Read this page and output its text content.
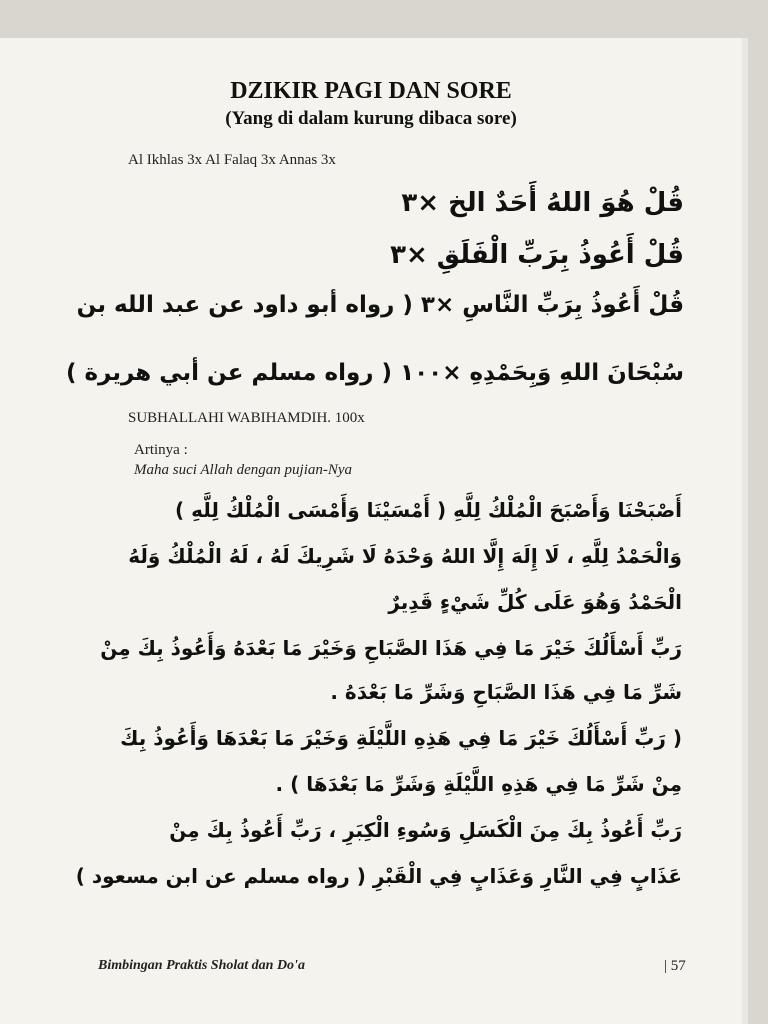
DZIKIR PAGI DAN SORE
(Yang di dalam kurung dibaca sore)
Al Ikhlas 3x Al Falaq 3x Annas 3x
قُلْ هُوَ اللهُ أَحَدٌ الخ ×٣
قُلْ أَعُوذُ بِرَبِّ الْفَلَقِ ×٣
قُلْ أَعُوذُ بِرَبِّ النَّاسِ ×٣ ( رواه أبو داود عن عبد الله بن
سُبْحَانَ اللهِ وَبِحَمْدِهِ ×١٠٠ ( رواه مسلم عن أبي هريرة )
SUBHALLAHI WABIHAMDIH. 100x
Artinya :
Maha suci Allah dengan pujian-Nya
أَصْبَحْنَا وَأَصْبَحَ الْمُلْكُ لِلَّهِ ( أَمْسَيْنَا وَأَمْسَى الْمُلْكُ لِلَّهِ )
وَالْحَمْدُ لِلَّهِ ، لَا إِلَهَ إِلَّا اللهُ وَحْدَهُ لَا شَرِيكَ لَهُ ، لَهُ الْمُلْكُ وَلَهُ
الْحَمْدُ وَهُوَ عَلَى كُلِّ شَيْءٍ قَدِيرٌ
رَبِّ أَسْأَلُكَ خَيْرَ مَا فِي هَذَا الصَّبَاحِ وَخَيْرَ مَا بَعْدَهُ وَأَعُوذُ بِكَ مِنْ
شَرِّ مَا فِي هَذَا الصَّبَاحِ وَشَرِّ مَا بَعْدَهُ .
( رَبِّ أَسْأَلُكَ خَيْرَ مَا فِي هَذِهِ اللَّيْلَةِ وَخَيْرَ مَا بَعْدَهَا وَأَعُوذُ بِكَ
مِنْ شَرِّ مَا فِي هَذِهِ اللَّيْلَةِ وَشَرِّ مَا بَعْدَهَا ) .
رَبِّ أَعُوذُ بِكَ مِنَ الْكَسَلِ وَسُوءِ الْكِبَرِ ، رَبِّ أَعُوذُ بِكَ مِنْ
عَذَابٍ فِي النَّارِ وَعَذَابٍ فِي الْقَبْرِ ( رواه مسلم عن ابن مسعود )
Bimbingan Praktis Sholat dan Do'a	| 57
